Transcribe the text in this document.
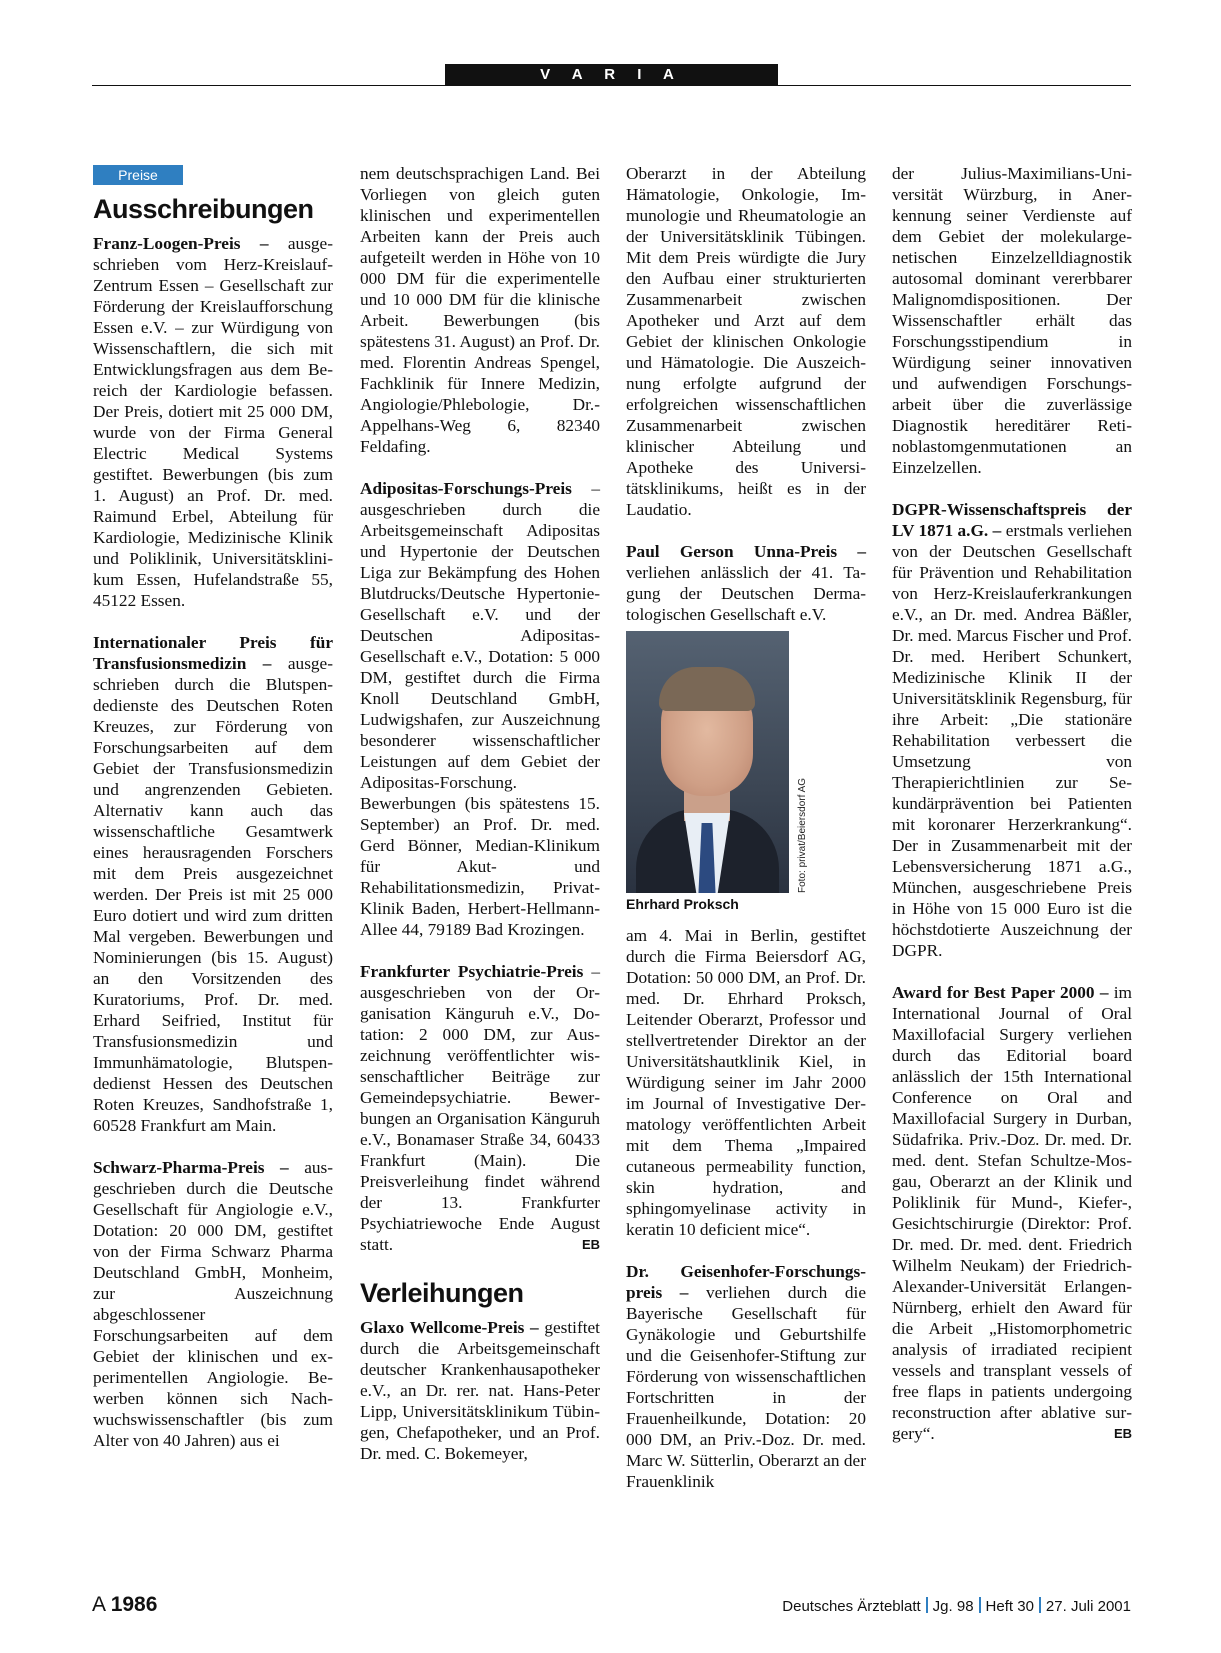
V A R I A
Preise
Ausschreibungen

Franz-Loogen-Preis – ausgeschrieben vom Herz-Kreislauf-Zentrum Essen – Gesellschaft zur Förderung der Kreislaufforschung Essen e.V. – zur Würdigung von Wissenschaftlern, die sich mit Entwicklungsfragen aus dem Bereich der Kardiologie befassen. Der Preis, dotiert mit 25 000 DM, wurde von der Firma General Electric Medical Systems gestiftet. Bewerbungen (bis zum 1. August) an Prof. Dr. med. Raimund Erbel, Abteilung für Kardiologie, Medizinische Klinik und Poliklinik, Universitätsklinikum Essen, Hufelandstraße 55, 45122 Essen.

Internationaler Preis für Transfusionsmedizin – ausgeschrieben durch die Blutspendedienste des Deutschen Roten Kreuzes, zur Förderung von Forschungsarbeiten auf dem Gebiet der Transfusionsmedizin und angrenzenden Gebieten. Alternativ kann auch das wissenschaftliche Gesamtwerk eines herausragenden Forschers mit dem Preis ausgezeichnet werden. Der Preis ist mit 25 000 Euro dotiert und wird zum dritten Mal vergeben. Bewerbungen und Nominierungen (bis 15. August) an den Vorsitzenden des Kuratoriums, Prof. Dr. med. Erhard Seifried, Institut für Transfusionsmedizin und Immunhämatologie, Blutspendedienst Hessen des Deutschen Roten Kreuzes, Sandhofstraße 1, 60528 Frankfurt am Main.

Schwarz-Pharma-Preis – ausgeschrieben durch die Deutsche Gesellschaft für Angiologie e.V., Dotation: 20 000 DM, gestiftet von der Firma Schwarz Pharma Deutschland GmbH, Monheim, zur Auszeichnung abgeschlossener Forschungsarbeiten auf dem Gebiet der klinischen und experimentellen Angiologie. Bewerben können sich Nachwuchswissenschaftler (bis zum Alter von 40 Jahren) aus ei

nem deutschsprachigen Land. Bei Vorliegen von gleich guten klinischen und experimentellen Arbeiten kann der Preis auch aufgeteilt werden in Höhe von 10 000 DM für die experimentelle und 10 000 DM für die klinische Arbeit. Bewerbungen (bis spätestens 31. August) an Prof. Dr. med. Florentin Andreas Spengel, Fachklinik für Innere Medizin, Angiologie/Phlebologie, Dr.-Appelhans-Weg 6, 82340 Feldafing.

Adipositas-Forschungs-Preis – ausgeschrieben durch die Arbeitsgemeinschaft Adipositas und Hypertonie der Deutschen Liga zur Bekämpfung des Hohen Blutdrucks/Deutsche Hypertonie-Gesellschaft e.V. und der Deutschen Adipositas-Gesellschaft e.V., Dotation: 5 000 DM, gestiftet durch die Firma Knoll Deutschland GmbH, Ludwigshafen, zur Auszeichnung besonderer wissenschaftlicher Leistungen auf dem Gebiet der Adipositas-Forschung. Bewerbungen (bis spätestens 15. September) an Prof. Dr. med. Gerd Bönner, Median-Klinikum für Akut- und Rehabilitationsmedizin, Privat-Klinik Baden, Herbert-Hellmann-Allee 44, 79189 Bad Krozingen.

Frankfurter Psychiatrie-Preis – ausgeschrieben von der Organisation Känguruh e.V., Dotation: 2 000 DM, zur Auszeichnung veröffentlichter wissenschaftlicher Beiträge zur Gemeindepsychiatrie. Bewerbungen an Organisation Känguruh e.V., Bonamaser Straße 34, 60433 Frankfurt (Main). Die Preisverleihung findet während der 13. Frankfurter Psychiatriewoche Ende August statt.	EB

Verleihungen

Glaxo Wellcome-Preis – gestiftet durch die Arbeitsgemeinschaft deutscher Krankenhausapotheker e.V., an Dr. rer. nat. Hans-Peter Lipp, Universitätsklinikum Tübingen, Chefapotheker, und an Prof. Dr. med. C. Bokemeyer,

Oberarzt in der Abteilung Hämatologie, Onkologie, Immunologie und Rheumatologie an der Universitätsklinik Tübingen. Mit dem Preis würdigte die Jury den Aufbau einer strukturierten Zusammenarbeit zwischen Apotheker und Arzt auf dem Gebiet der klinischen Onkologie und Hämatologie. Die Auszeichnung erfolgte aufgrund der erfolgreichen wissenschaftlichen Zusammenarbeit zwischen klinischer Abteilung und Apotheke des Universitätsklinikums, heißt es in der Laudatio.

Paul Gerson Unna-Preis – verliehen anlässlich der 41. Tagung der Deutschen Dermatologischen Gesellschaft e.V.

Foto: privat/Beiersdorf AG
Ehrhard Proksch

am 4. Mai in Berlin, gestiftet durch die Firma Beiersdorf AG, Dotation: 50 000 DM, an Prof. Dr. med. Dr. Ehrhard Proksch, Leitender Oberarzt, Professor und stellvertretender Direktor an der Universitätshautklinik Kiel, in Würdigung seiner im Jahr 2000 im Journal of Investigative Dermatology veröffentlichten Arbeit mit dem Thema „Impaired cutaneous permeability function, skin hydration, and sphingomyelinase activity in keratin 10 deficient mice“.

Dr. Geisenhofer-Forschungspreis – verliehen durch die Bayerische Gesellschaft für Gynäkologie und Geburtshilfe und die Geisenhofer-Stiftung zur Förderung von wissenschaftlichen Fortschritten in der Frauenheilkunde, Dotation: 20 000 DM, an Priv.-Doz. Dr. med. Marc W. Sütterlin, Oberarzt an der Frauenklinik

der Julius-Maximilians-Universität Würzburg, in Anerkennung seiner Verdienste auf dem Gebiet der molekulargenetischen Einzelzelldiagnostik autosomal dominant vererbbarer Malignomdispositionen. Der Wissenschaftler erhält das Forschungsstipendium in Würdigung seiner innovativen und aufwendigen Forschungsarbeit über die zuverlässige Diagnostik hereditärer Retinoblastomgenmutationen an Einzelzellen.

DGPR-Wissenschaftspreis der LV 1871 a.G. – erstmals verliehen von der Deutschen Gesellschaft für Prävention und Rehabilitation von Herz-Kreislauferkrankungen e.V., an Dr. med. Andrea Bäßler, Dr. med. Marcus Fischer und Prof. Dr. med. Heribert Schunkert, Medizinische Klinik II der Universitätsklinik Regensburg, für ihre Arbeit: „Die stationäre Rehabilitation verbessert die Umsetzung von Therapierichtlinien zur Sekundärprävention bei Patienten mit koronarer Herzerkrankung“. Der in Zusammenarbeit mit der Lebensversicherung 1871 a.G., München, ausgeschriebene Preis in Höhe von 15 000 Euro ist die höchstdotierte Auszeichnung der DGPR.

Award for Best Paper 2000 – im International Journal of Oral Maxillofacial Surgery verliehen durch das Editorial board anlässlich der 15th International Conference on Oral and Maxillofacial Surgery in Durban, Südafrika. Priv.-Doz. Dr. med. Dr. med. dent. Stefan Schultze-Mosgau, Oberarzt an der Klinik und Poliklinik für Mund-, Kiefer-, Gesichtschirurgie (Direktor: Prof. Dr. med. Dr. med. dent. Friedrich Wilhelm Neukam) der Friedrich-Alexander-Universität Erlangen-Nürnberg, erhielt den Award für die Arbeit „Histomorphometric analysis of irradiated recipient vessels and transplant vessels of free flaps in patients undergoing reconstruction after ablative surgery“.	EB

A 1986	Deutsches Ärzteblatt Jg. 98 Heft 30 27. Juli 2001
